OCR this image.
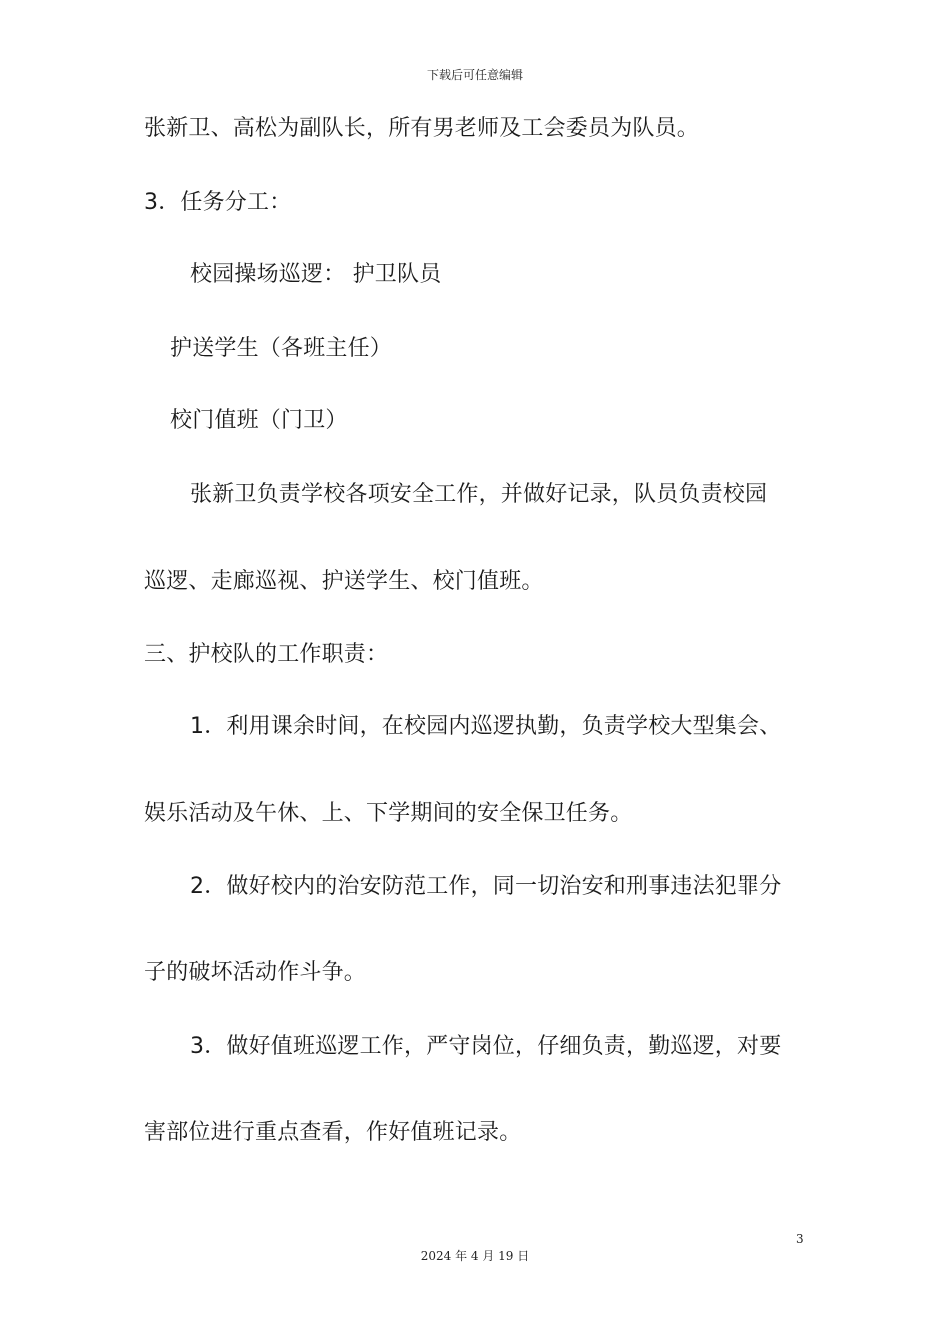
下载后可任意编辑
张新卫、高松为副队长，所有男老师及工会委员为队员。
3．任务分工：
校园操场巡逻： 护卫队员
护送学生（各班主任）
校门值班（门卫）
张新卫负责学校各项安全工作，并做好记录，队员负责校园
巡逻、走廊巡视、护送学生、校门值班。
三、护校队的工作职责：
1．利用课余时间，在校园内巡逻执勤，负责学校大型集会、
娱乐活动及午休、上、下学期间的安全保卫任务。
2．做好校内的治安防范工作，同一切治安和刑事违法犯罪分
子的破坏活动作斗争。
3．做好值班巡逻工作，严守岗位，仔细负责，勤巡逻，对要
害部位进行重点查看，作好值班记录。
3
2024 年 4 月 19 日
